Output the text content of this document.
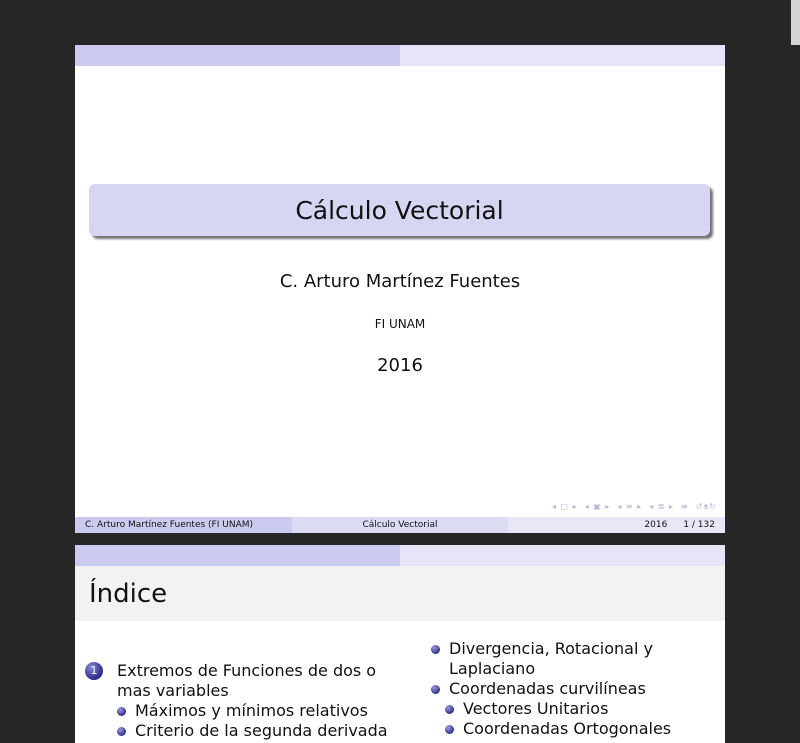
Cálculo Vectorial
C. Arturo Martínez Fuentes
FI UNAM
2016
◂ □ ▸ ◂ ▣ ▸ ◂ ≡ ▸ ◂ ≣ ▸ ≡ ↺ᴥ↻
C. Arturo Martínez Fuentes (FI UNAM)	Cálculo Vectorial	2016 1 / 132
Índice
1	Extremos de Funciones de dos o mas variables
Máximos y mínimos relativos
Criterio de la segunda derivada
Divergencia, Rotacional y Laplaciano
Coordenadas curvilíneas
Vectores Unitarios
Coordenadas Ortogonales
